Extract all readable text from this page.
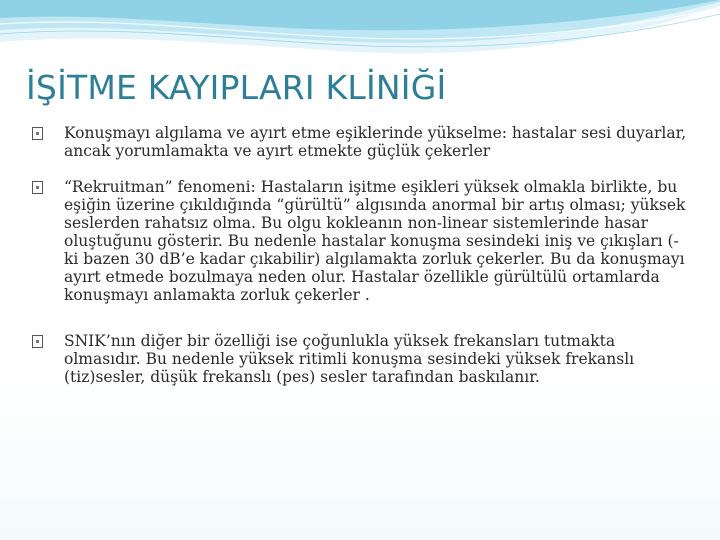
İŞİTME KAYIPLARI KLİNİĞİ
Konuşmayı algılama ve ayırt etme eşiklerinde yükselme: hastalar sesi duyarlar, ancak yorumlamakta ve ayırt etmekte güçlük çekerler
“Rekruitman” fenomeni: Hastaların işitme eşikleri yüksek olmakla birlikte, bu eşiğin üzerine çıkıldığında “gürültü” algısında anormal bir artış olması; yüksek seslerden rahatsız olma. Bu olgu kokleanın non-linear sistemlerinde hasar oluştuğunu gösterir. Bu nedenle hastalar konuşma sesindeki iniş ve çıkışları (-ki bazen 30 dB’e kadar çıkabilir) algılamakta zorluk çekerler. Bu da konuşmayı ayırt etmede bozulmaya neden olur. Hastalar özellikle gürültülü ortamlarda konuşmayı anlamakta zorluk çekerler .
SNIK’nın diğer bir özelliği ise çoğunlukla yüksek frekansları tutmakta olmasıdır. Bu nedenle yüksek ritimli konuşma sesindeki yüksek frekanslı (tiz)sesler, düşük frekanslı (pes) sesler tarafından baskılanır.
